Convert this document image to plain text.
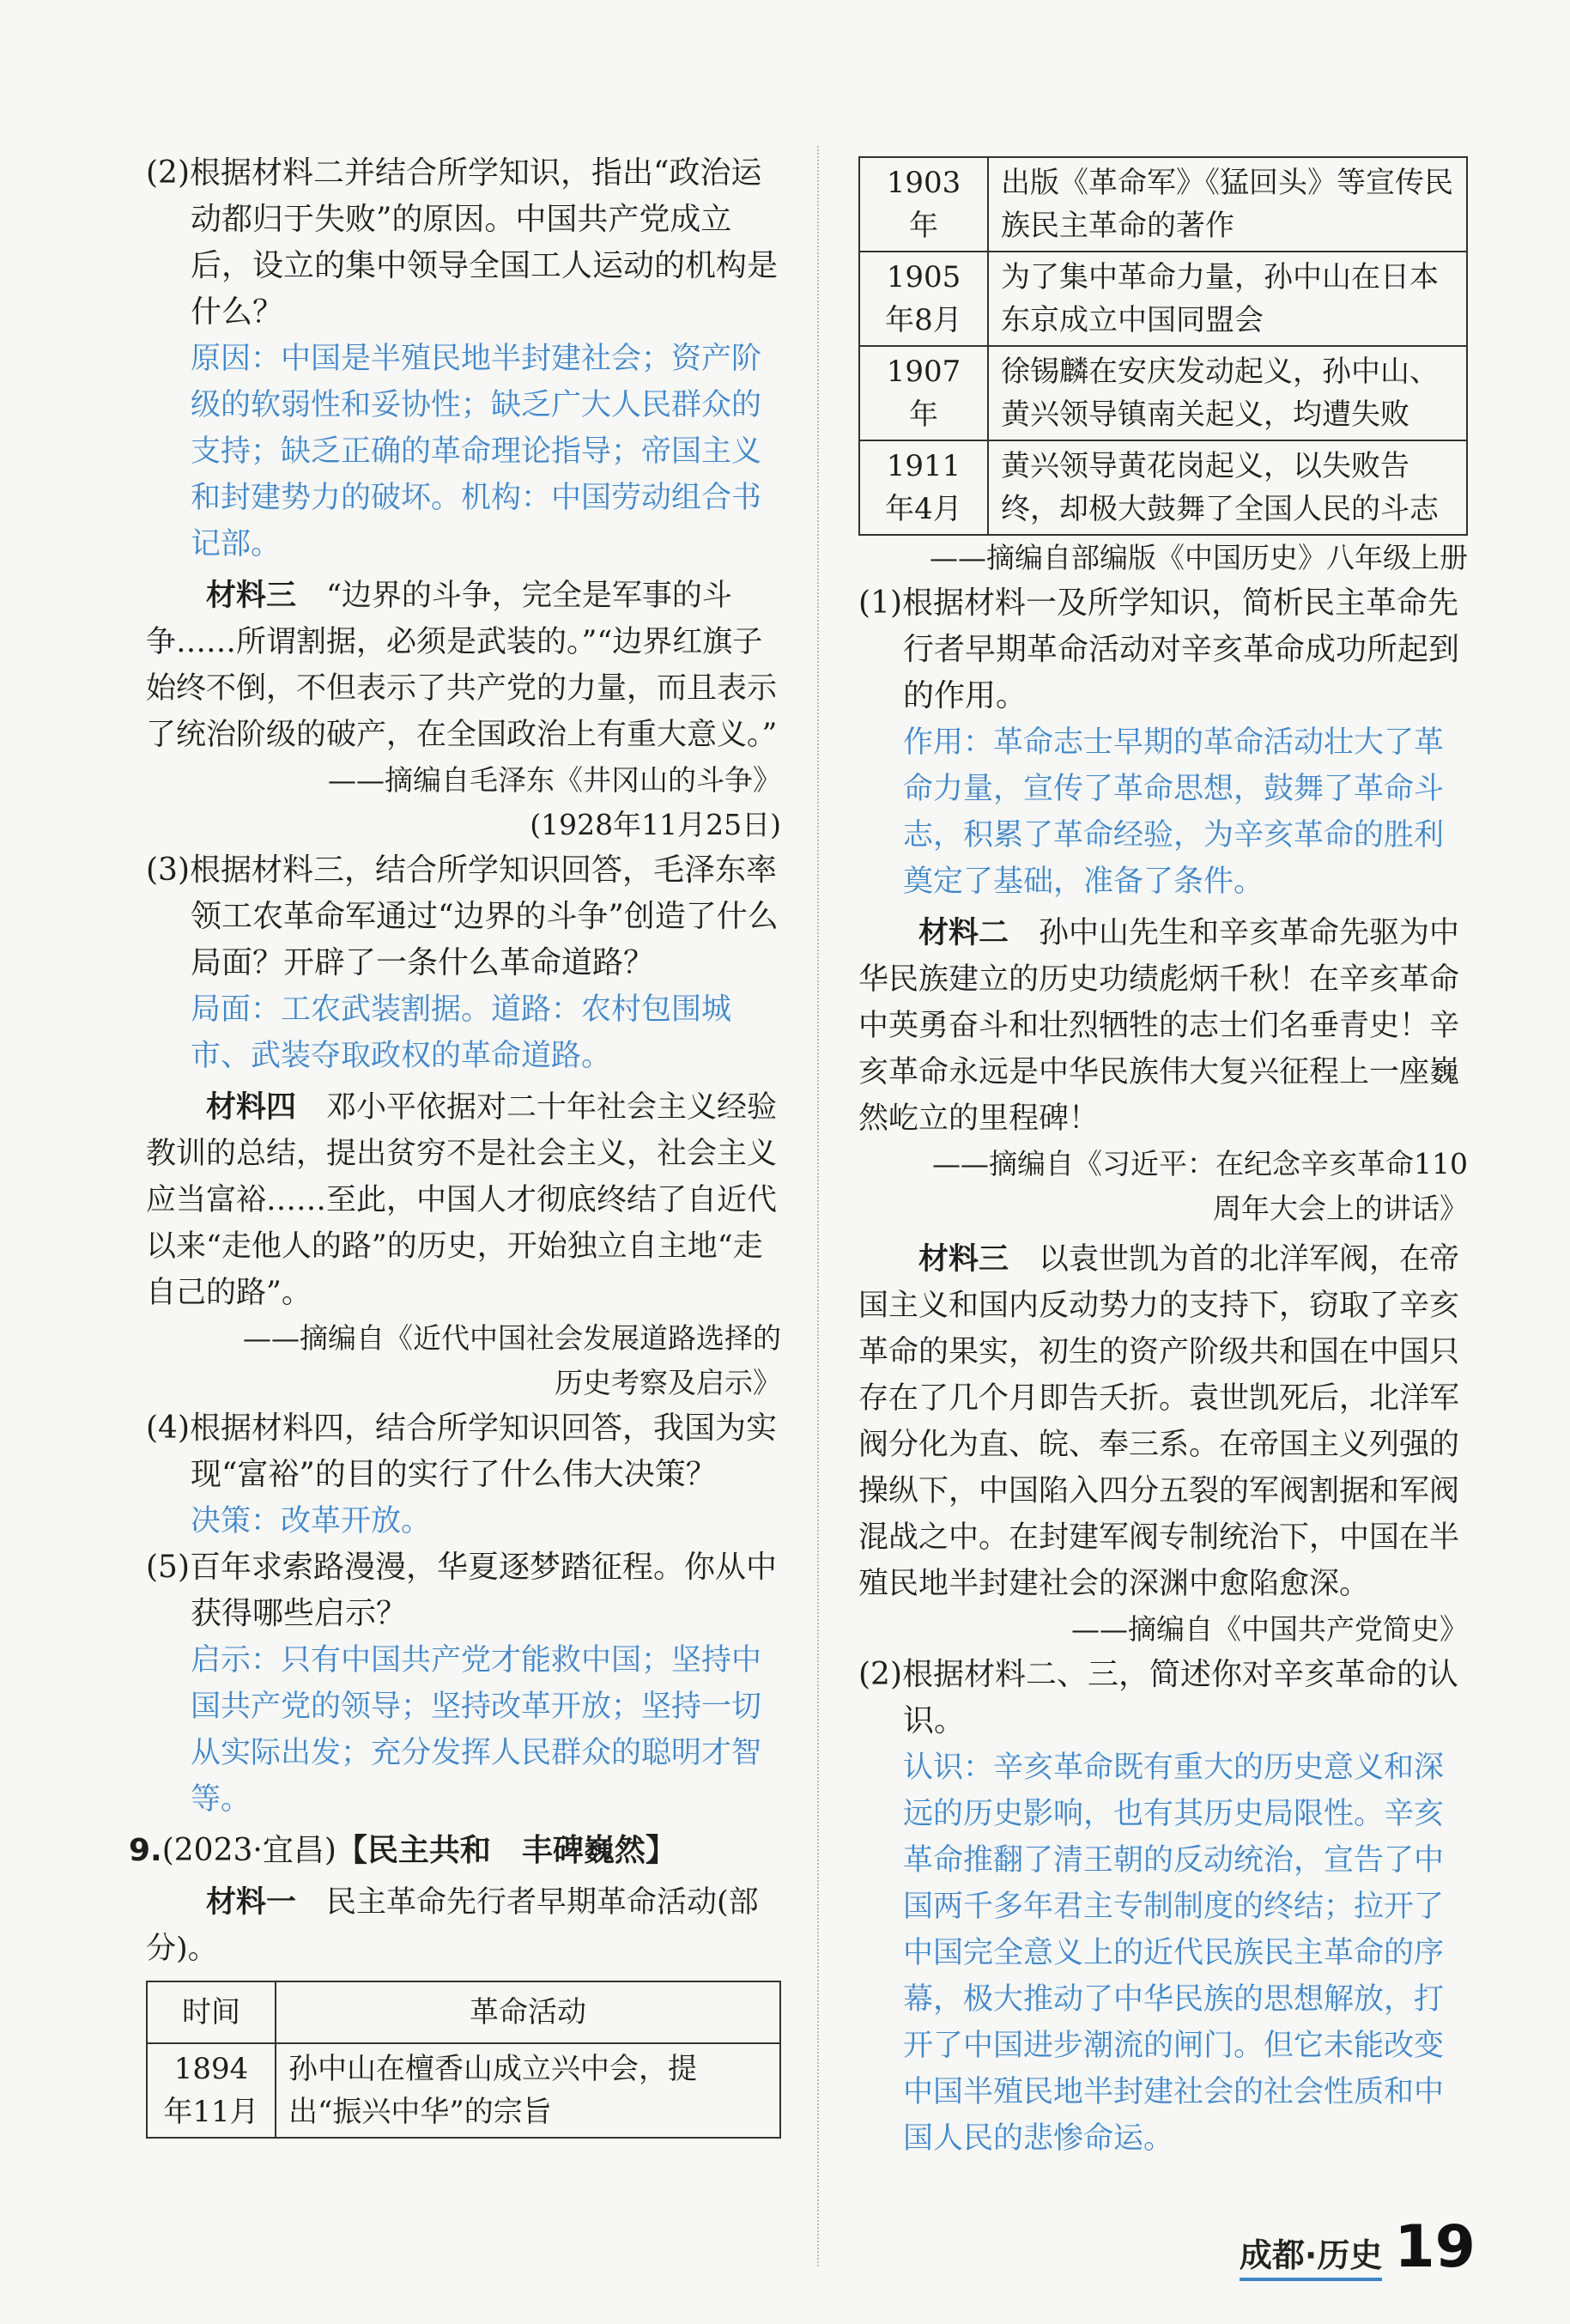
(2)根据材料二并结合所学知识，指出“政治运动都归于失败”的原因。中国共产党成立后，设立的集中领导全国工人运动的机构是什么？

原因：中国是半殖民地半封建社会；资产阶级的软弱性和妥协性；缺乏广大人民群众的支持；缺乏正确的革命理论指导；帝国主义和封建势力的破坏。机构：中国劳动组合书记部。

材料三　 “边界的斗争，完全是军事的斗争……所谓割据，必须是武装的。”“边界红旗子始终不倒，不但表示了共产党的力量，而且表示了统治阶级的破产，在全国政治上有重大意义。”

——摘编自毛泽东《井冈山的斗争》

(1928年11月25日)

(3)根据材料三，结合所学知识回答，毛泽东率领工农革命军通过“边界的斗争”创造了什么局面？开辟了一条什么革命道路？

局面：工农武装割据。道路：农村包围城市、武装夺取政权的革命道路。

材料四　 邓小平依据对二十年社会主义经验教训的总结，提出贫穷不是社会主义，社会主义应当富裕……至此，中国人才彻底终结了自近代以来“走他人的路”的历史，开始独立自主地“走自己的路”。

——摘编自《近代中国社会发展道路选择的

历史考察及启示》

(4)根据材料四，结合所学知识回答，我国为实现“富裕”的目的实行了什么伟大决策？

决策：改革开放。

(5)百年求索路漫漫，华夏逐梦踏征程。你从中获得哪些启示？

启示：只有中国共产党才能救中国；坚持中国共产党的领导；坚持改革开放；坚持一切从实际出发；充分发挥人民群众的聪明才智等。

9.(2023·宜昌)【民主共和　丰碑巍然】

材料一　 民主革命先行者早期革命活动(部分)。

时间	革命活动
1894年11月	孙中山在檀香山成立兴中会，提出“振兴中华”的宗旨
1903年	出版《革命军》《猛回头》等宣传民族民主革命的著作
1905年8月	为了集中革命力量，孙中山在日本东京成立中国同盟会
1907年	徐锡麟在安庆发动起义，孙中山、黄兴领导镇南关起义，均遭失败
1911年4月	黄兴领导黄花岗起义，以失败告终，却极大鼓舞了全国人民的斗志

——摘编自部编版《中国历史》八年级上册

(1)根据材料一及所学知识，简析民主革命先行者早期革命活动对辛亥革命成功所起到的作用。

作用：革命志士早期的革命活动壮大了革命力量，宣传了革命思想，鼓舞了革命斗志，积累了革命经验，为辛亥革命的胜利奠定了基础，准备了条件。

材料二　 孙中山先生和辛亥革命先驱为中华民族建立的历史功绩彪炳千秋！在辛亥革命中英勇奋斗和壮烈牺牲的志士们名垂青史！辛亥革命永远是中华民族伟大复兴征程上一座巍然屹立的里程碑！

——摘编自《习近平：在纪念辛亥革命110

周年大会上的讲话》

材料三　 以袁世凯为首的北洋军阀，在帝国主义和国内反动势力的支持下，窃取了辛亥革命的果实，初生的资产阶级共和国在中国只存在了几个月即告夭折。袁世凯死后，北洋军阀分化为直、皖、奉三系。在帝国主义列强的操纵下，中国陷入四分五裂的军阀割据和军阀混战之中。在封建军阀专制统治下，中国在半殖民地半封建社会的深渊中愈陷愈深。

——摘编自《中国共产党简史》

(2)根据材料二、三，简述你对辛亥革命的认识。

认识：辛亥革命既有重大的历史意义和深远的历史影响，也有其历史局限性。辛亥革命推翻了清王朝的反动统治，宣告了中国两千多年君主专制制度的终结；拉开了中国完全意义上的近代民族民主革命的序幕，极大推动了中华民族的思想解放，打开了中国进步潮流的闸门。但它未能改变中国半殖民地半封建社会的社会性质和中国人民的悲惨命运。

成都·历史 19
